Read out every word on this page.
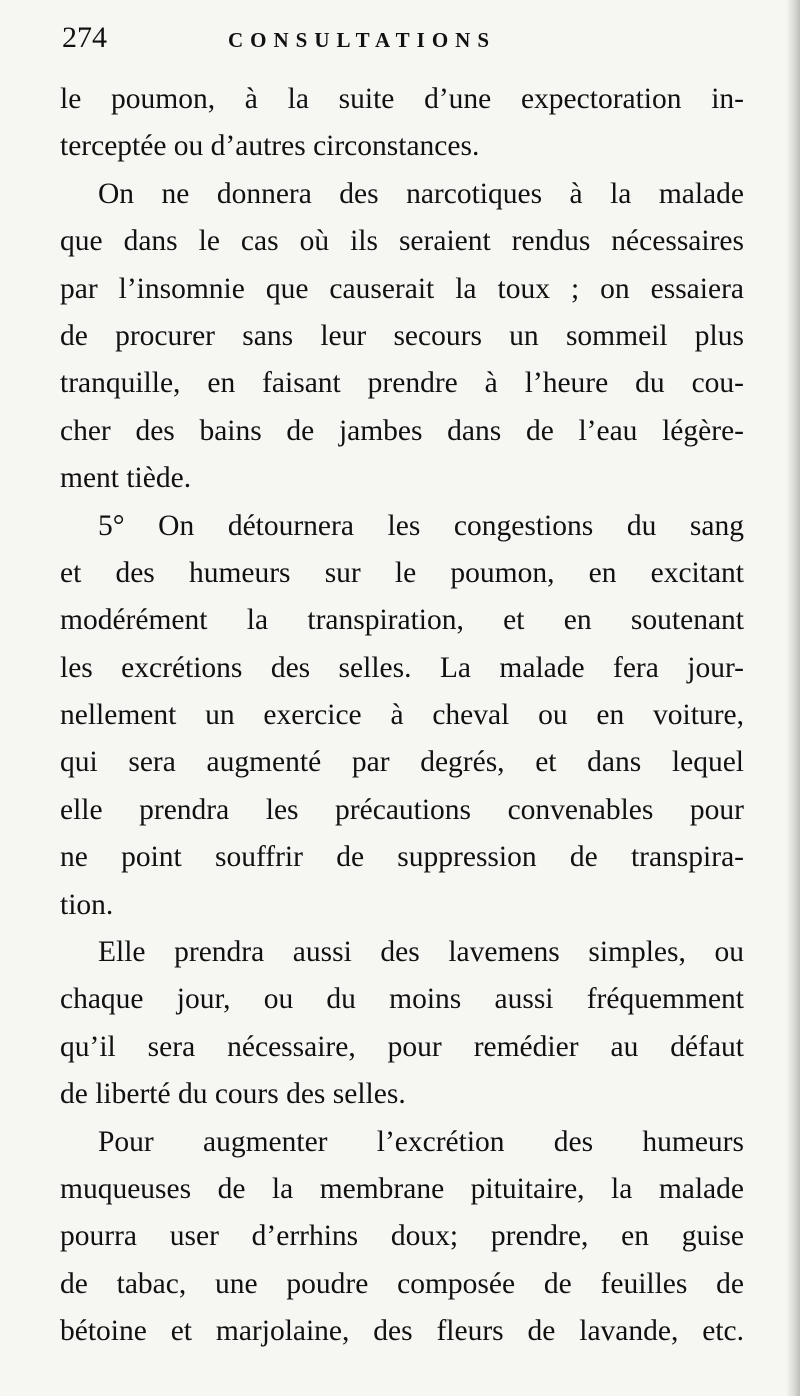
274	CONSULTATIONS
le poumon, à la suite d’une expectoration in-
terceptée ou d’autres circonstances.
On ne donnera des narcotiques à la malade
que dans le cas où ils seraient rendus nécessaires
par l’insomnie que causerait la toux ; on essaiera
de procurer sans leur secours un sommeil plus
tranquille, en faisant prendre à l’heure du cou-
cher des bains de jambes dans de l’eau légère-
ment tiède.
5° On détournera les congestions du sang
et des humeurs sur le poumon, en excitant
modérément la transpiration, et en soutenant
les excrétions des selles. La malade fera jour-
nellement un exercice à cheval ou en voiture,
qui sera augmenté par degrés, et dans lequel
elle prendra les précautions convenables pour
ne point souffrir de suppression de transpira-
tion.
Elle prendra aussi des lavemens simples, ou
chaque jour, ou du moins aussi fréquemment
qu’il sera nécessaire, pour remédier au défaut
de liberté du cours des selles.
Pour augmenter l’excrétion des humeurs
muqueuses de la membrane pituitaire, la malade
pourra user d’errhins doux; prendre, en guise
de tabac, une poudre composée de feuilles de
bétoine et marjolaine, des fleurs de lavande, etc.
